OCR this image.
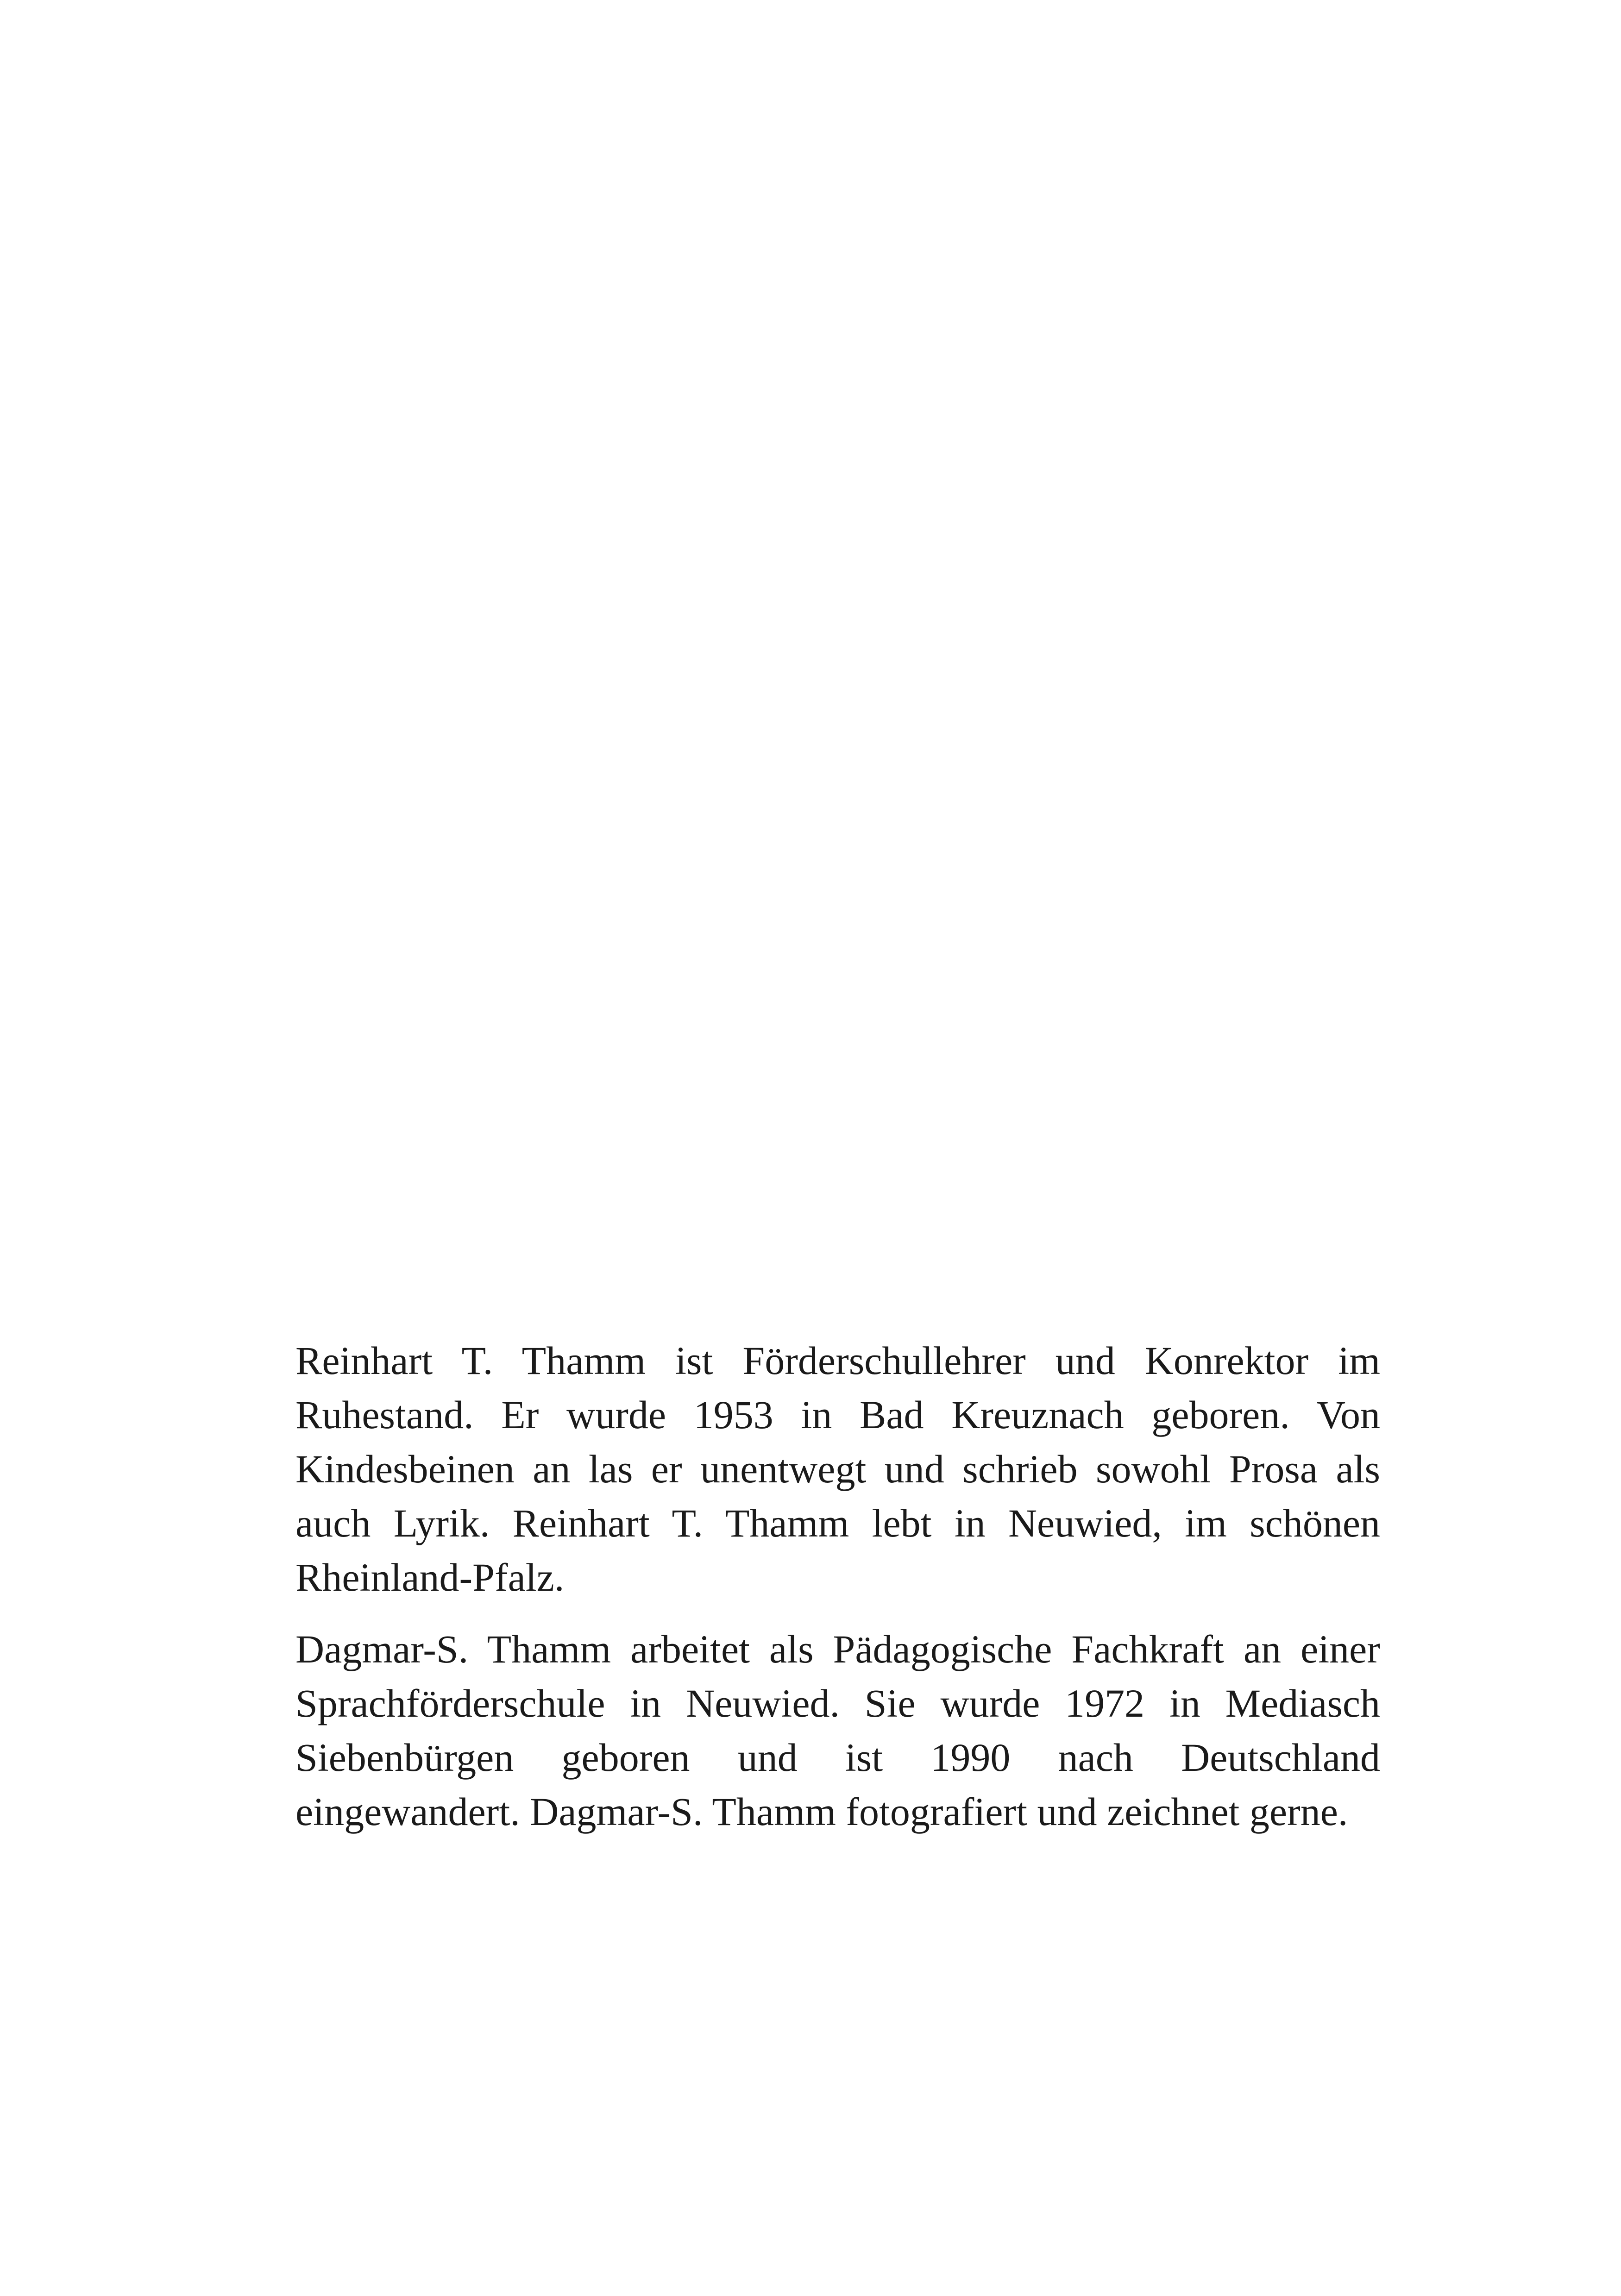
Reinhart T. Thamm ist Förderschullehrer und Konrektor im Ruhestand. Er wurde 1953 in Bad Kreuznach geboren. Von Kindesbeinen an las er unentwegt und schrieb sowohl Prosa als auch Lyrik. Reinhart T. Thamm lebt in Neuwied, im schönen Rheinland-Pfalz.

Dagmar-S. Thamm arbeitet als Pädagogische Fachkraft an einer Sprachförderschule in Neuwied. Sie wurde 1972 in Mediasch Siebenbürgen geboren und ist 1990 nach Deutschland eingewandert. Dagmar-S. Thamm fotografiert und zeichnet gerne.
